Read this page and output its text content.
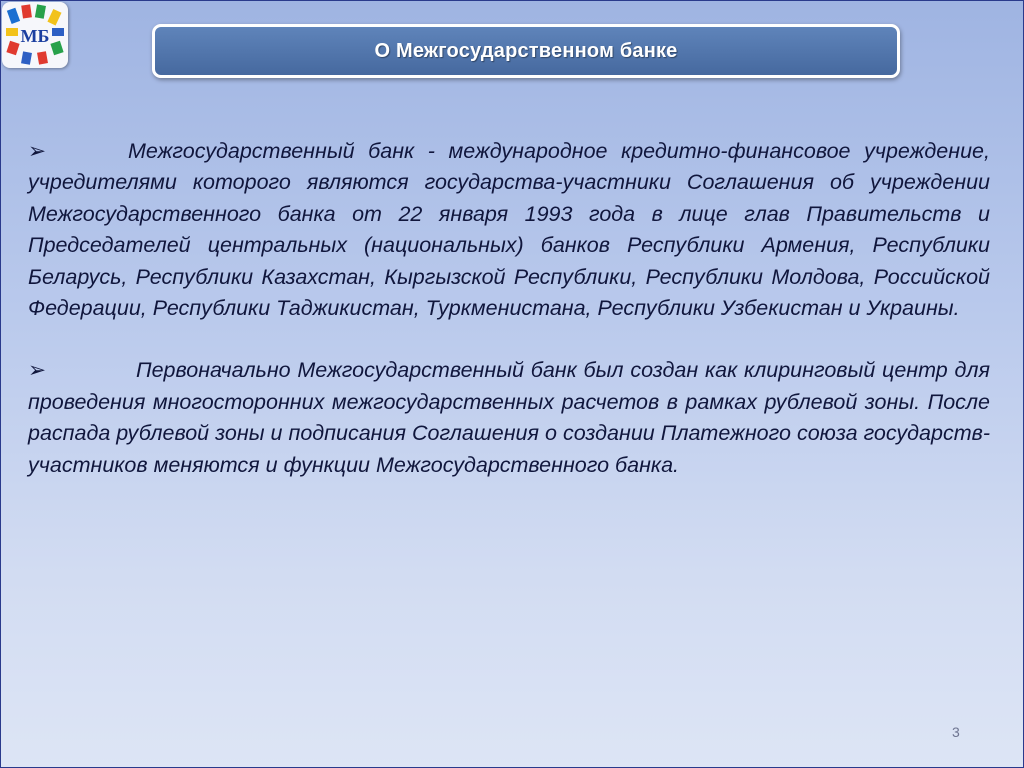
МБ
О Межгосударственном банке

➢	Межгосударственный банк - международное кредитно-финансовое учреждение, учредителями которого являются государства-участники Соглашения об учреждении Межгосударственного банка от 22 января 1993 года в лице глав Правительств и Председателей центральных (национальных) банков Республики Армения, Республики Беларусь, Республики Казахстан, Кыргызской Республики, Республики Молдова, Российской Федерации, Республики Таджикистан, Туркменистана, Республики Узбекистан и Украины.

➢	Первоначально Межгосударственный банк был создан как клиринговый центр для проведения многосторонних межгосударственных расчетов в рамках рублевой зоны. После распада рублевой зоны и подписания Соглашения о создании Платежного союза государств-участников меняются и функции Межгосударственного банка.

3
